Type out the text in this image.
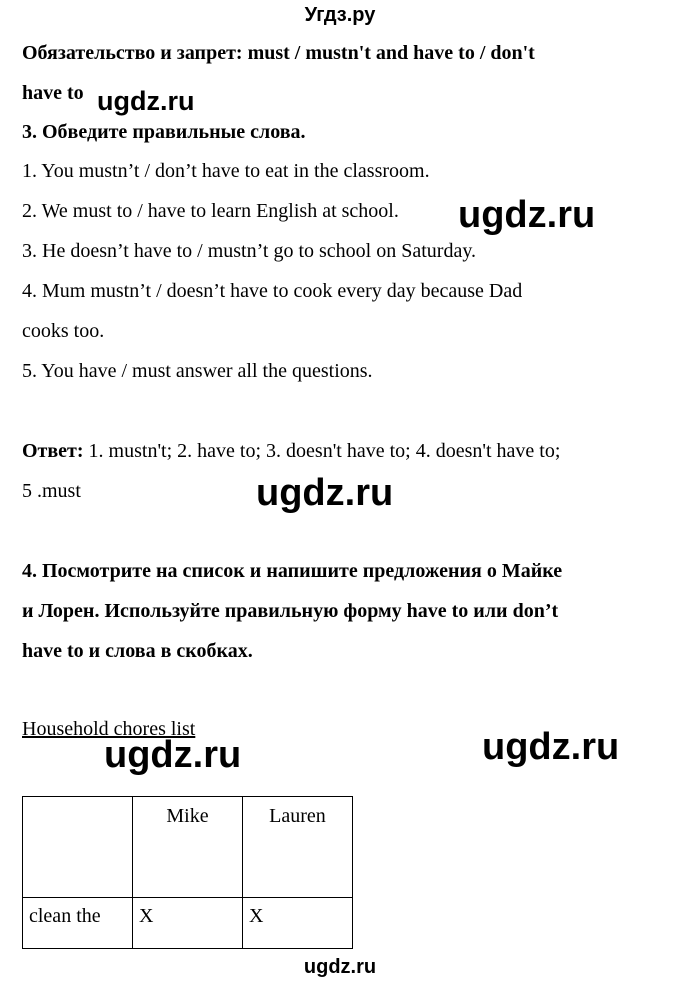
Угдз.ру
Обязательство и запрет: must / mustn't and have to / don't
have to ugdz.ru
3. Обведите правильные слова.
1. You mustn’t / don’t have to eat in the classroom.
2. We must to / have to learn English at school.
3. He doesn’t have to / mustn’t go to school on Saturday.
4. Mum mustn’t / doesn’t have to cook every day because Dad
cooks too.
5. You have / must answer all the questions.
ugdz.ru
Ответ: 1. mustn't; 2. have to; 3. doesn't have to; 4. doesn't have to;
5 .must	ugdz.ru
4. Посмотрите на список и напишите предложения о Майке
и Лорен. Используйте правильную форму have to или don’t
have to и слова в скобках.
Household chores list
ugdz.ru	ugdz.ru
	Mike	Lauren
clean the	X	X
ugdz.ru
